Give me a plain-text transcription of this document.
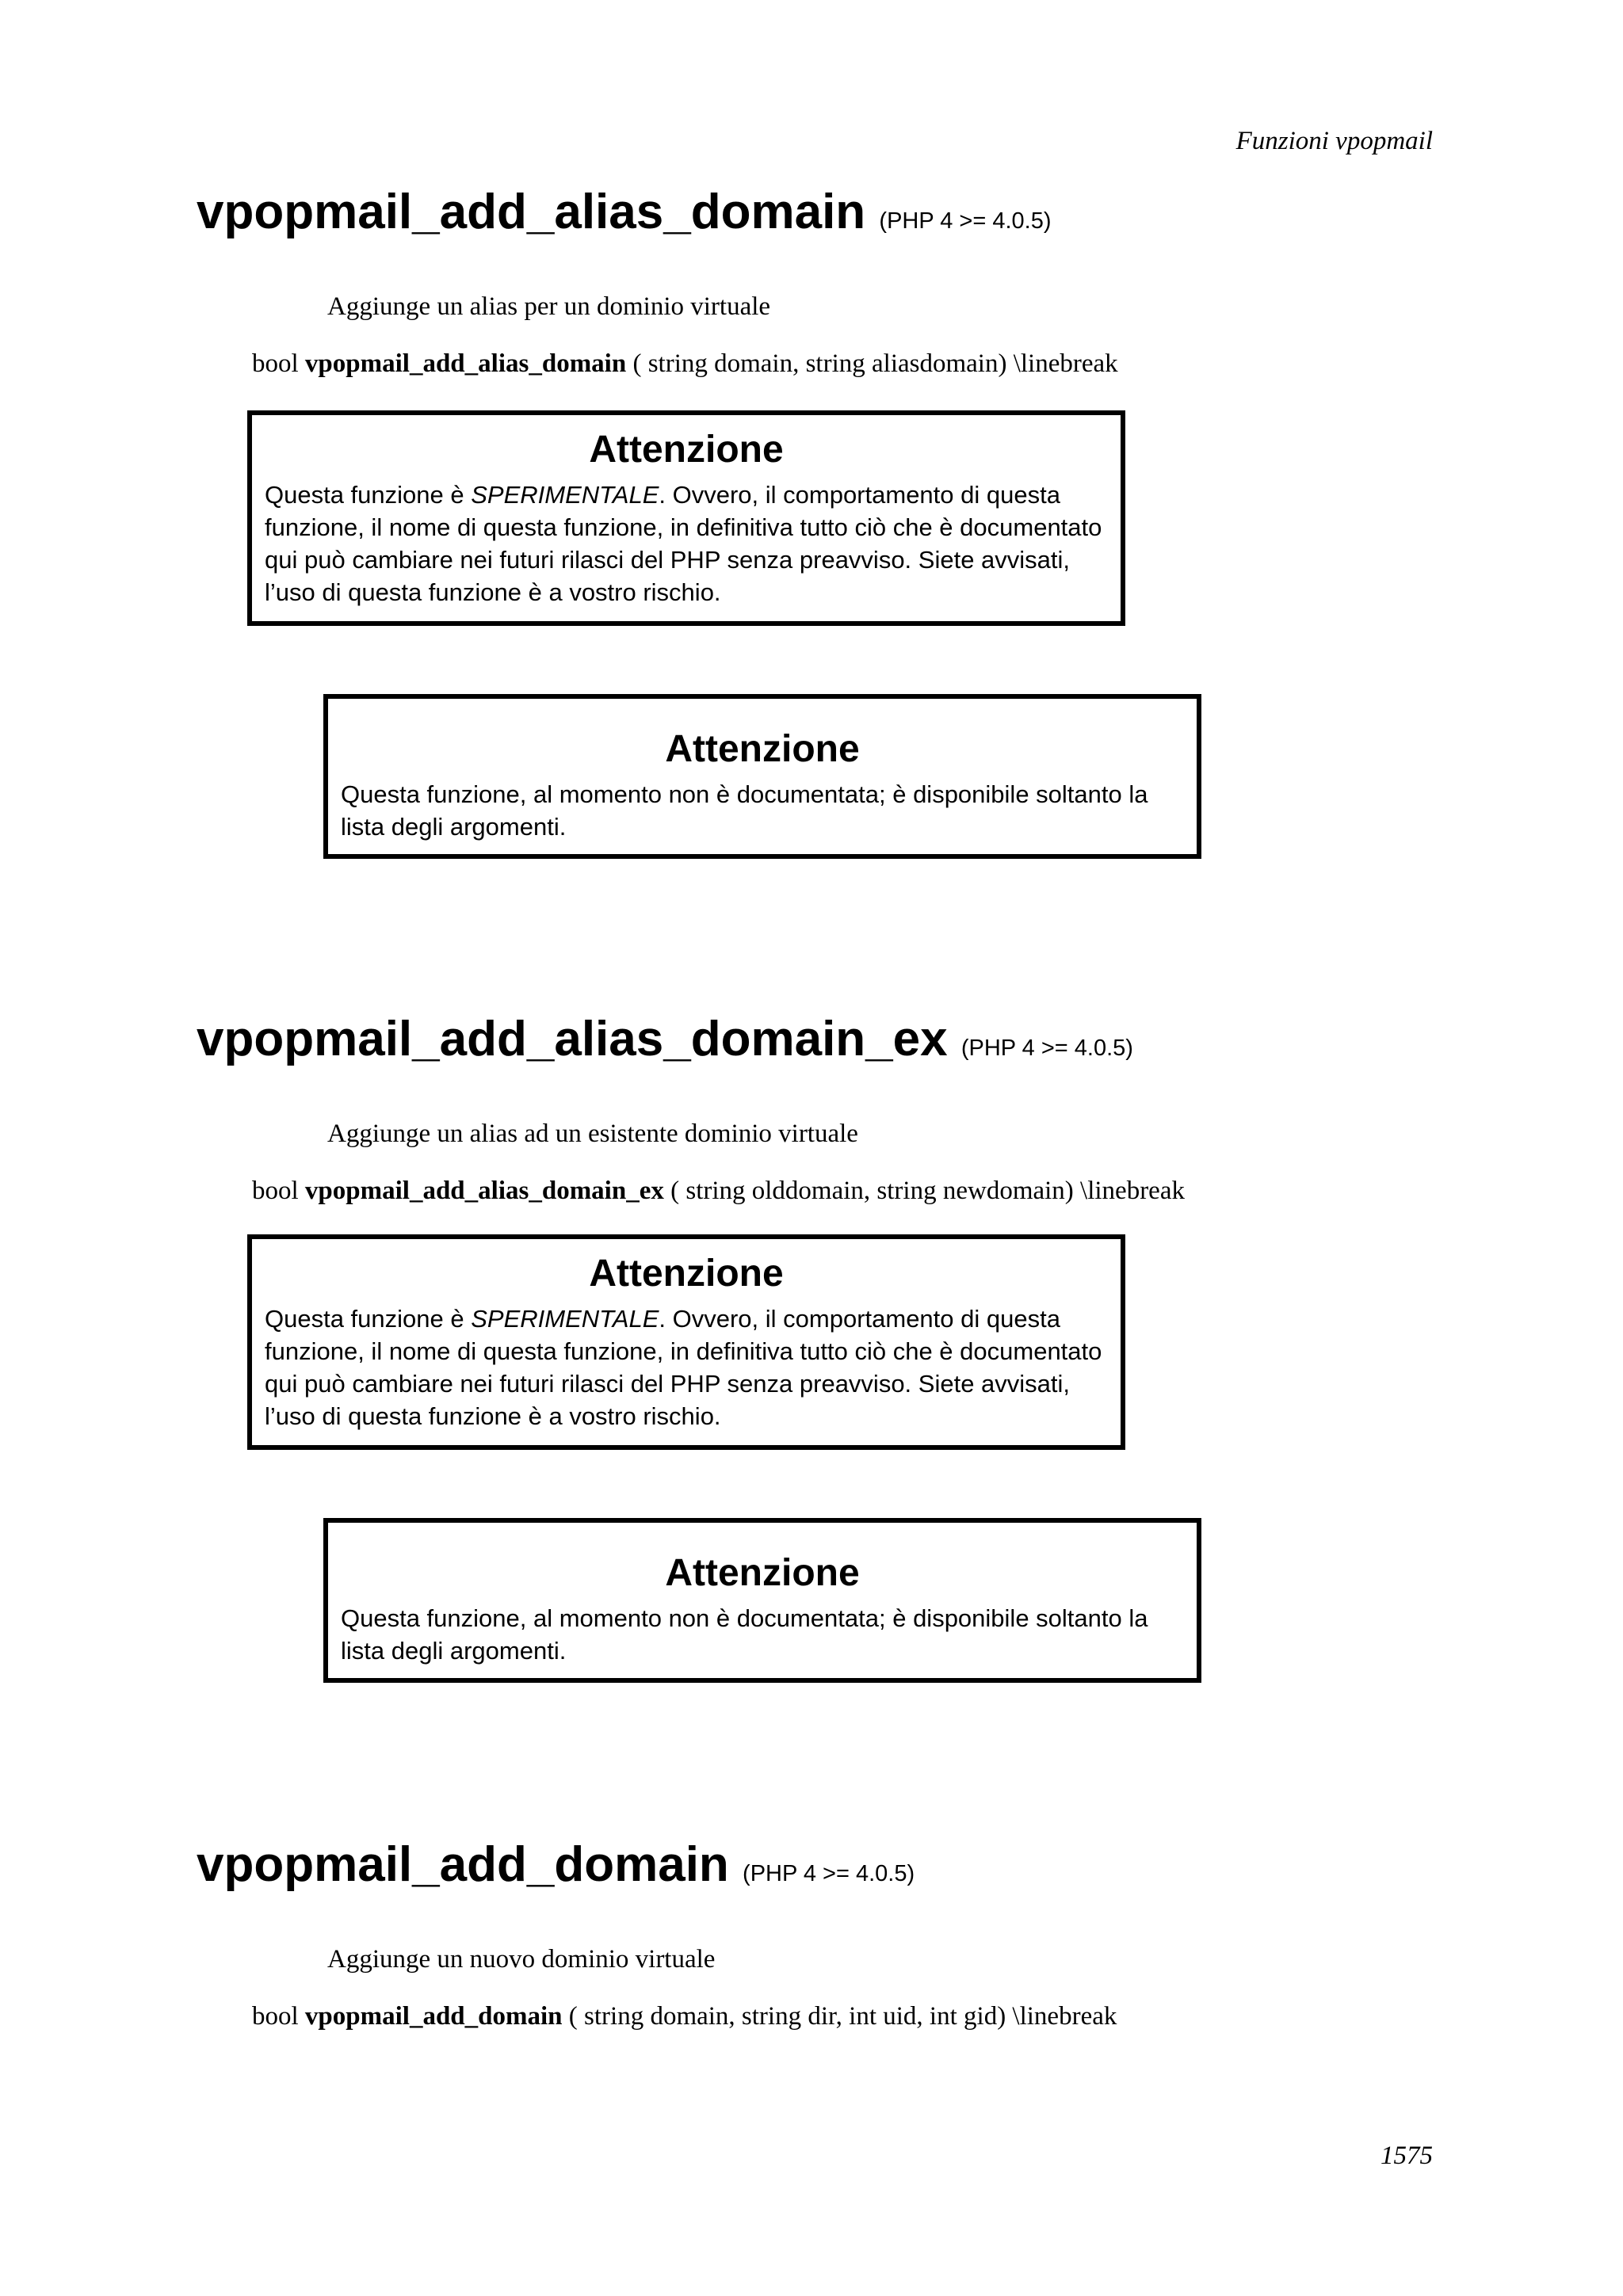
Funzioni vpopmail
vpopmail_add_alias_domain (PHP 4 >= 4.0.5)

Aggiunge un alias per un dominio virtuale

bool vpopmail_add_alias_domain ( string domain, string aliasdomain) \linebreak

Attenzione

Questa funzione è SPERIMENTALE. Ovvero, il comportamento di questa funzione, il nome di questa funzione, in definitiva tutto ciò che è documentato qui può cambiare nei futuri rilasci del PHP senza preavviso. Siete avvisati, l’uso di questa funzione è a vostro rischio.

Attenzione

Questa funzione, al momento non è documentata; è disponibile soltanto la lista degli argomenti.

vpopmail_add_alias_domain_ex (PHP 4 >= 4.0.5)

Aggiunge un alias ad un esistente dominio virtuale

bool vpopmail_add_alias_domain_ex ( string olddomain, string newdomain) \linebreak

Attenzione

Questa funzione è SPERIMENTALE. Ovvero, il comportamento di questa funzione, il nome di questa funzione, in definitiva tutto ciò che è documentato qui può cambiare nei futuri rilasci del PHP senza preavviso. Siete avvisati, l’uso di questa funzione è a vostro rischio.

Attenzione

Questa funzione, al momento non è documentata; è disponibile soltanto la lista degli argomenti.

vpopmail_add_domain (PHP 4 >= 4.0.5)

Aggiunge un nuovo dominio virtuale

bool vpopmail_add_domain ( string domain, string dir, int uid, int gid) \linebreak

1575
